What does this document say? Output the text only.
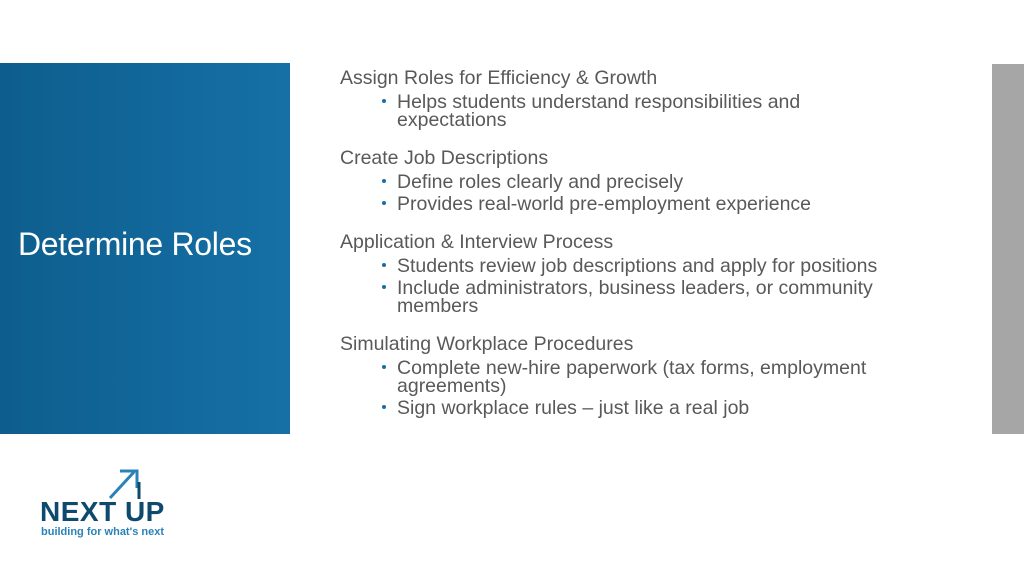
Determine Roles
Assign Roles for Efficiency & Growth
Helps students understand responsibilities and expectations
Create Job Descriptions
Define roles clearly and precisely
Provides real-world pre-employment experience
Application & Interview Process
Students review job descriptions and apply for positions
Include administrators, business leaders, or community members
Simulating Workplace Procedures
Complete new-hire paperwork (tax forms, employment agreements)
Sign workplace rules – just like a real job
NEXT UP
building for what's next
